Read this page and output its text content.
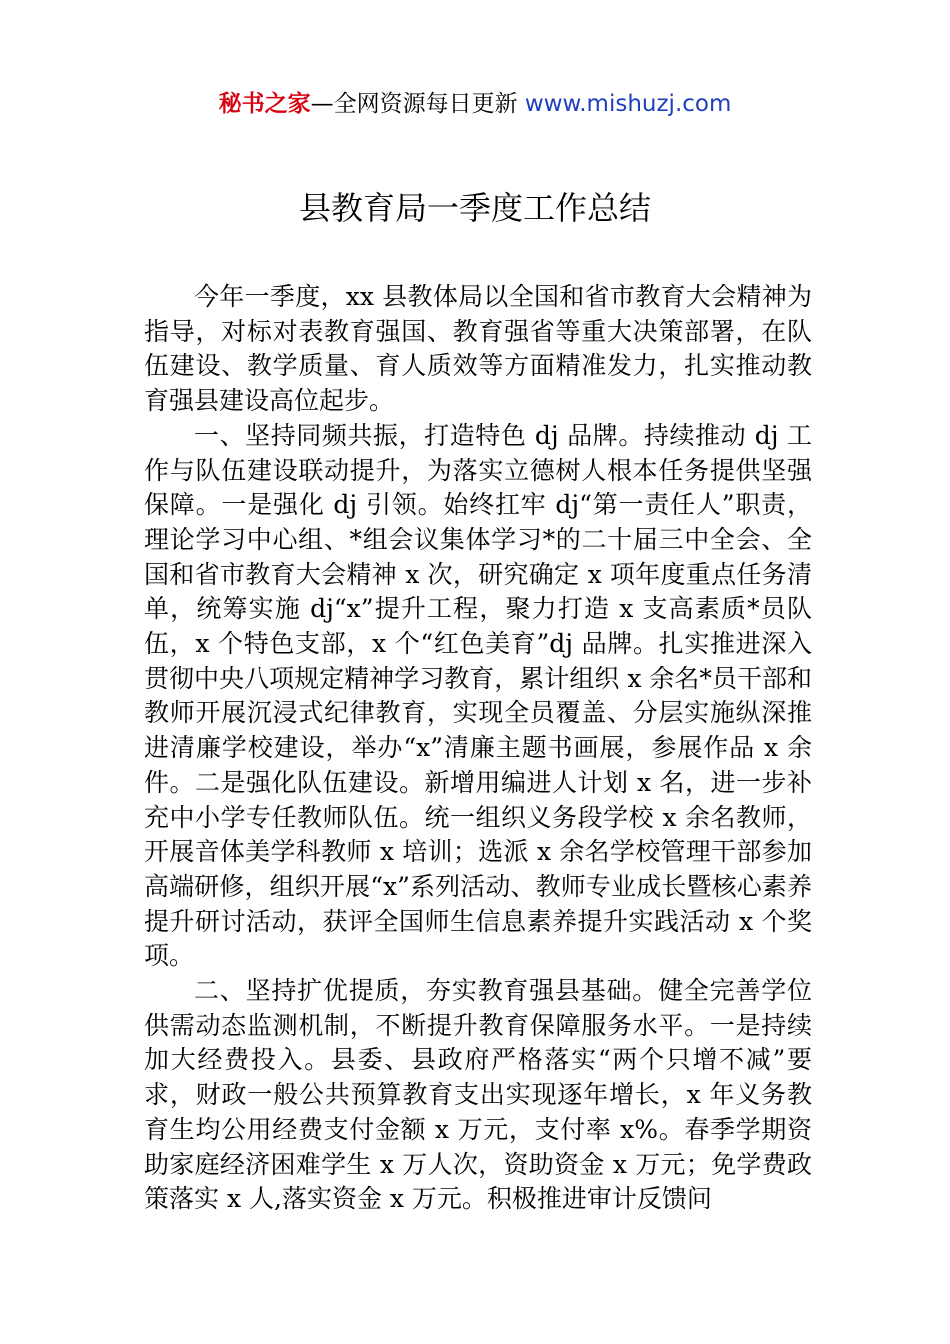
秘书之家—全网资源每日更新 www.mishuzj.com
县教育局一季度工作总结

今年一季度，xx 县教体局以全国和省市教育大会精神为指导，对标对表教育强国、教育强省等重大决策部署，在队伍建设、教学质量、育人质效等方面精准发力，扎实推动教育强县建设高位起步。

一、坚持同频共振，打造特色 dj 品牌。持续推动 dj 工作与队伍建设联动提升，为落实立德树人根本任务提供坚强保障。一是强化 dj 引领。始终扛牢 dj“第一责任人”职责，理论学习中心组、*组会议集体学习*的二十届三中全会、全国和省市教育大会精神 x 次，研究确定 x 项年度重点任务清单，统筹实施 dj“x”提升工程，聚力打造 x 支高素质*员队伍，x 个特色支部，x 个“红色美育”dj 品牌。扎实推进深入贯彻中央八项规定精神学习教育，累计组织 x 余名*员干部和教师开展沉浸式纪律教育，实现全员覆盖、分层实施纵深推进清廉学校建设，举办“x”清廉主题书画展，参展作品 x 余件。二是强化队伍建设。新增用编进人计划 x 名，进一步补充中小学专任教师队伍。统一组织义务段学校 x 余名教师，开展音体美学科教师 x 培训；选派 x 余名学校管理干部参加高端研修，组织开展“x”系列活动、教师专业成长暨核心素养提升研讨活动，获评全国师生信息素养提升实践活动 x 个奖项。

二、坚持扩优提质，夯实教育强县基础。健全完善学位供需动态监测机制，不断提升教育保障服务水平。一是持续加大经费投入。县委、县政府严格落实“两个只增不减”要求，财政一般公共预算教育支出实现逐年增长，x 年义务教育生均公用经费支付金额 x 万元，支付率 x%。春季学期资助家庭经济困难学生 x 万人次，资助资金 x 万元；免学费政策落实 x 人,落实资金 x 万元。积极推进审计反馈问
